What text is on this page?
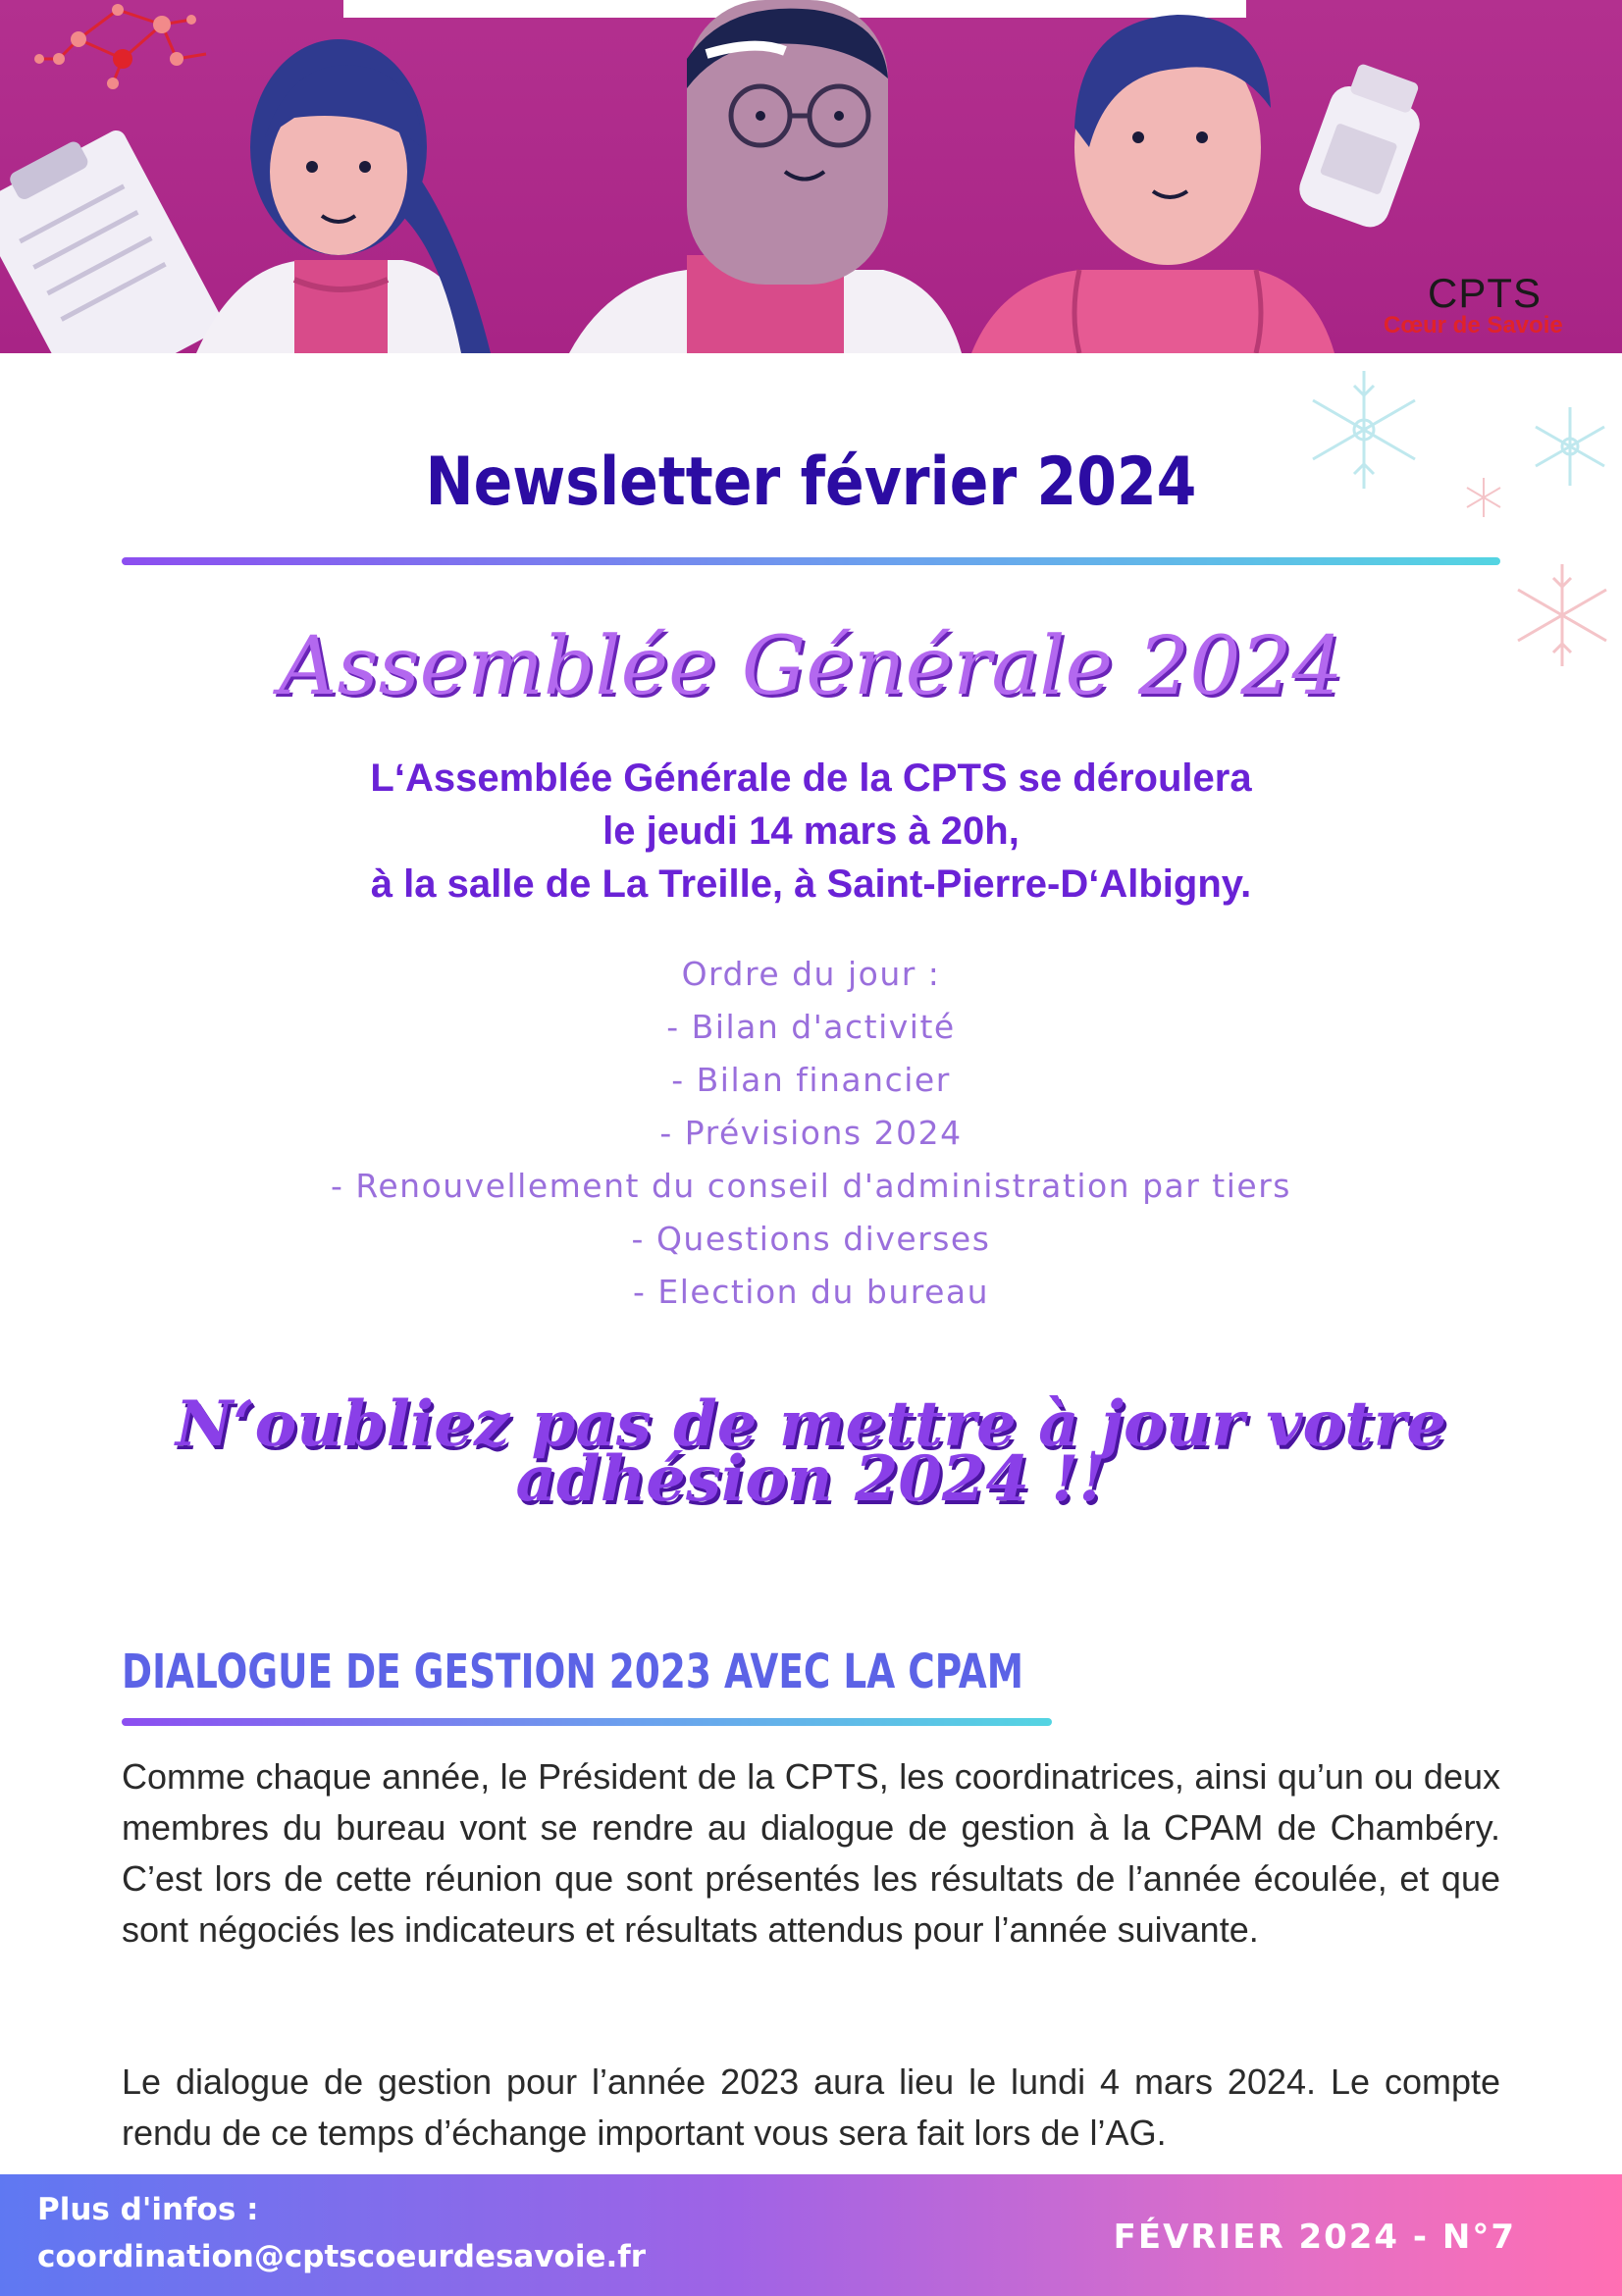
CPTS
Cœur de Savoie
Newsletter février 2024
Assemblée Générale 2024
L‘Assemblée Générale de la CPTS se déroulera
le jeudi 14 mars à 20h,
à la salle de La Treille, à Saint-Pierre-D‘Albigny.
Ordre du jour :
- Bilan d'activité
- Bilan financier
- Prévisions 2024
- Renouvellement du conseil d'administration par tiers
- Questions diverses
- Election du bureau
N‘oubliez pas de mettre à jour votre
adhésion 2024 !!
DIALOGUE DE GESTION 2023 AVEC LA CPAM
Comme chaque année, le Président de la CPTS, les coordinatrices, ainsi qu’un ou deux membres du bureau vont se rendre au dialogue de gestion à la CPAM de Chambéry. C’est lors de cette réunion que sont présentés les résultats de l’année écoulée, et que sont négociés les indicateurs et résultats attendus pour l’année suivante.
Le dialogue de gestion pour l’année 2023 aura lieu le lundi 4 mars 2024. Le compte rendu de ce temps d’échange important vous sera fait lors de l’AG.
Plus d'infos :
coordination@cptscoeurdesavoie.fr	FÉVRIER 2024 - N°7
